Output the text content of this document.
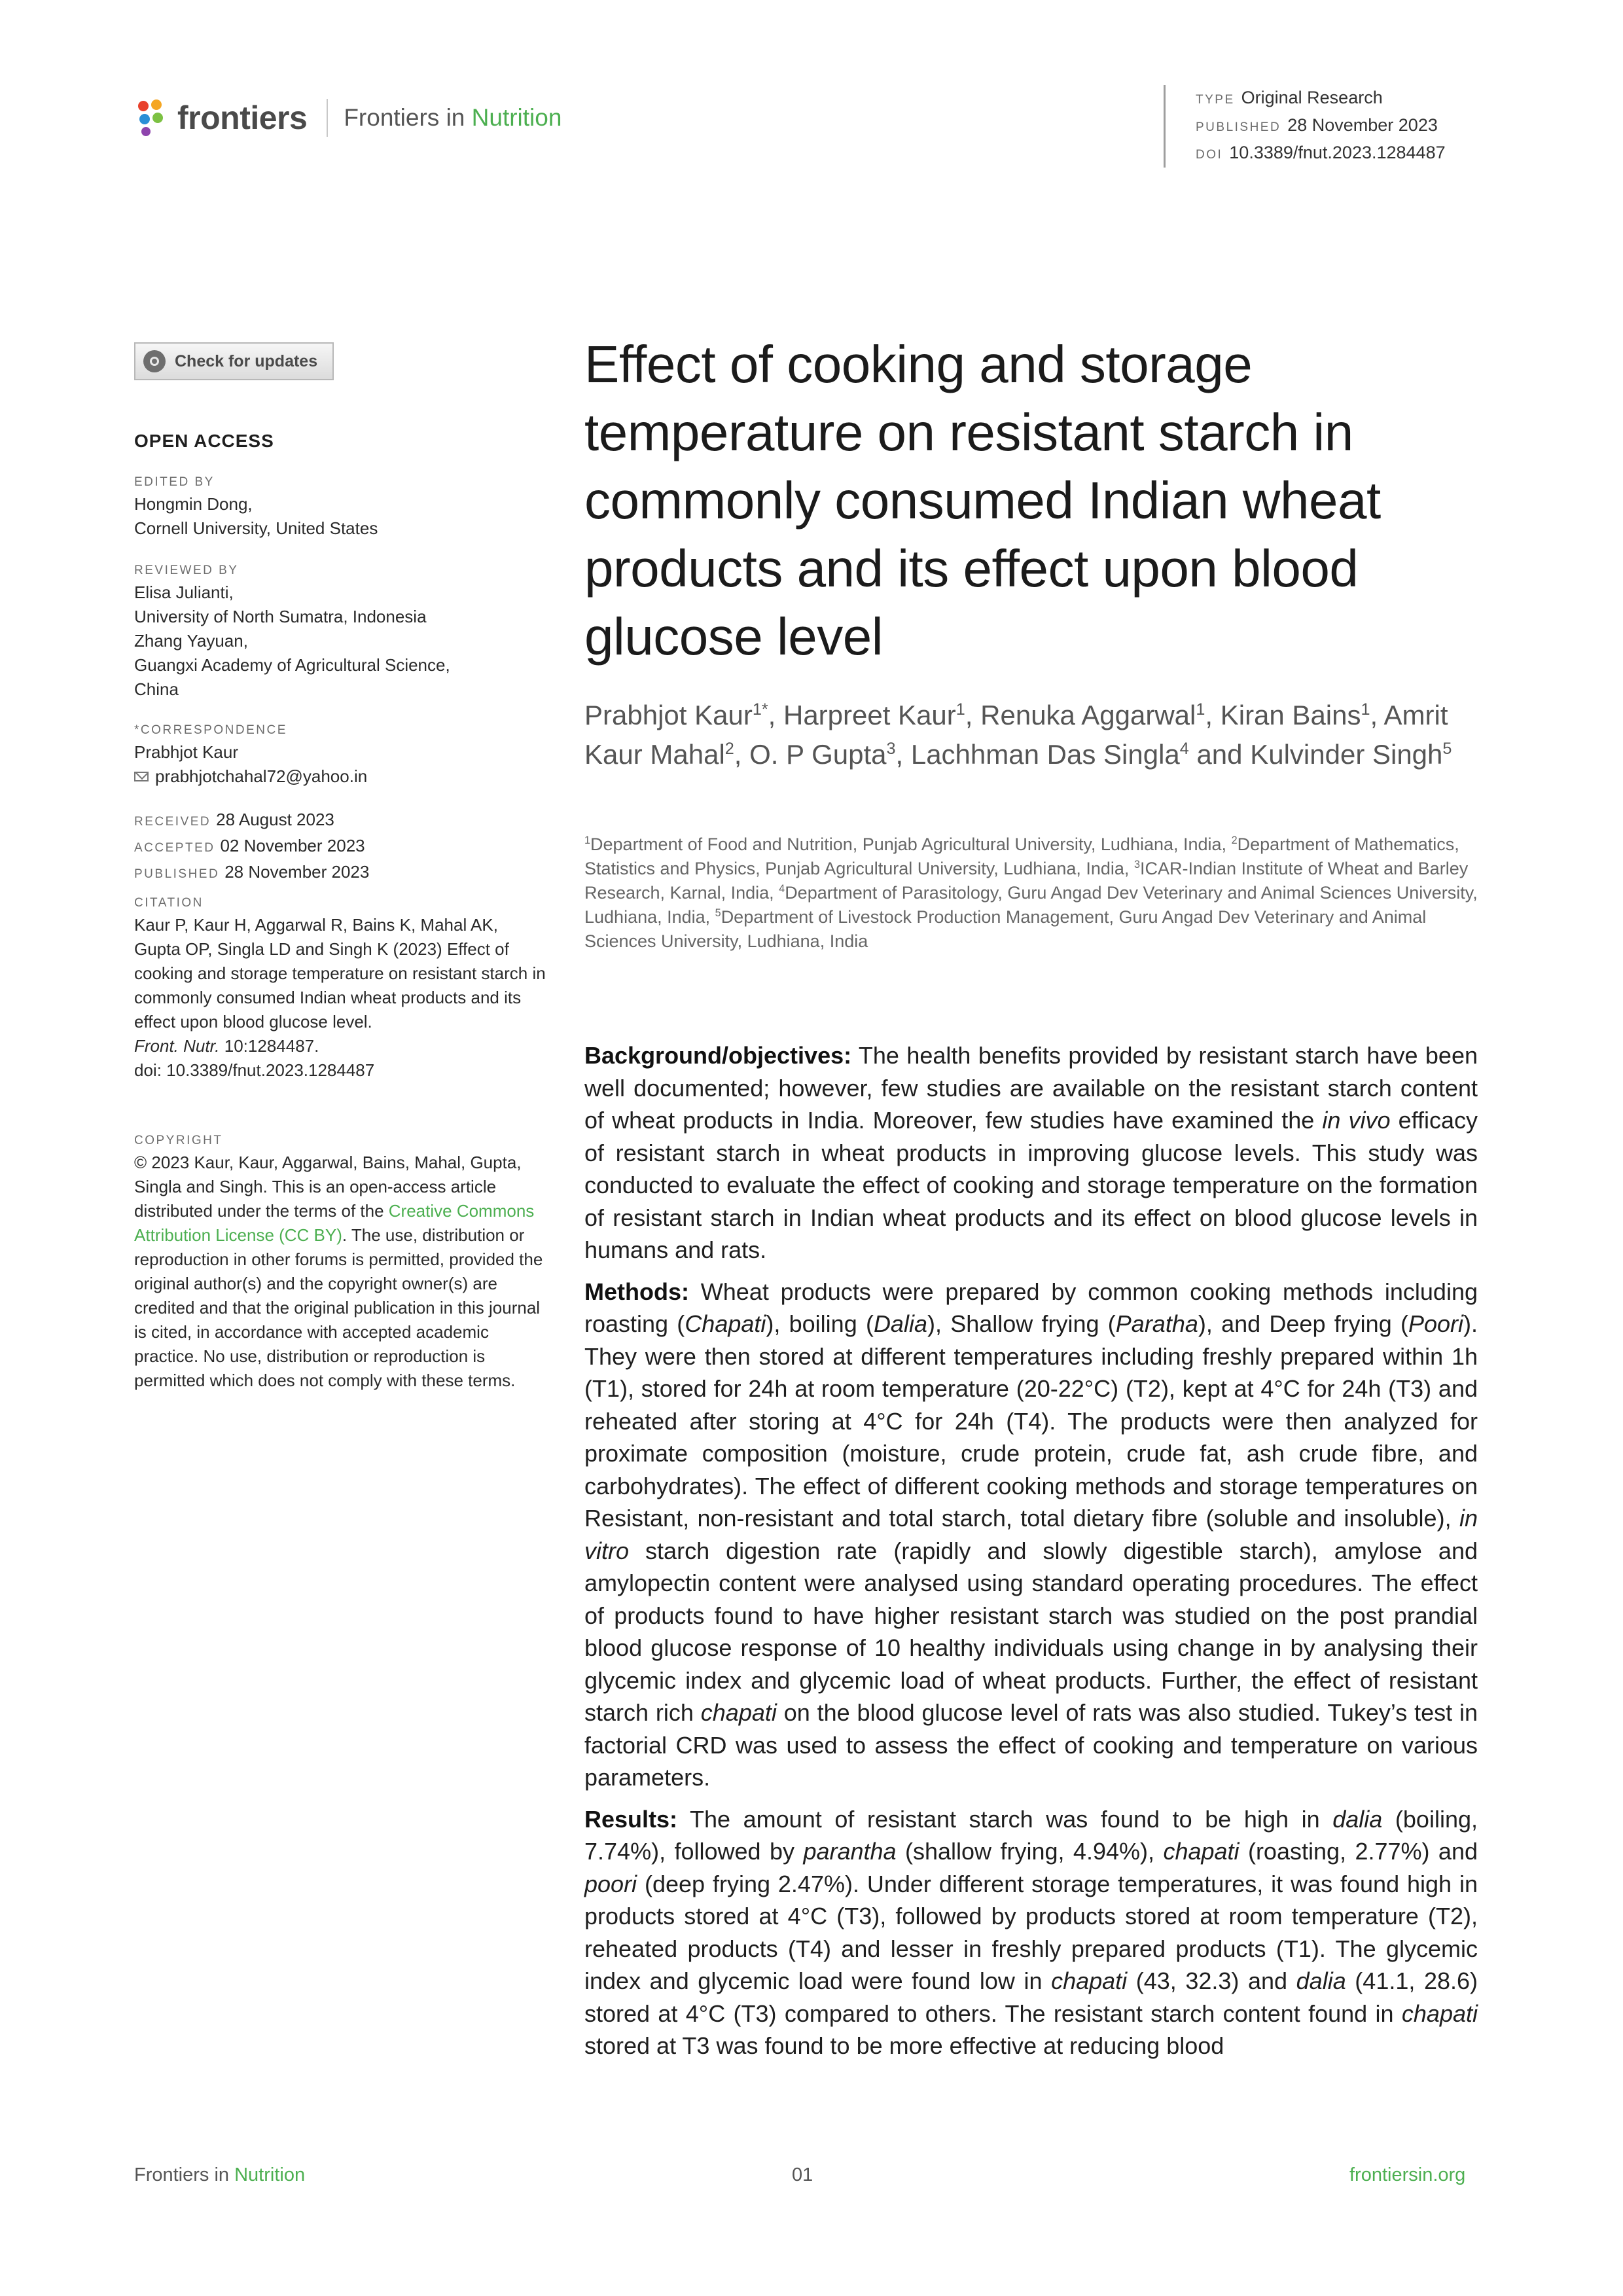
frontiers Frontiers in Nutrition
TYPE Original Research
PUBLISHED 28 November 2023
DOI 10.3389/fnut.2023.1284487
Check for updates
OPEN ACCESS
EDITED BY
Hongmin Dong,
Cornell University, United States
REVIEWED BY
Elisa Julianti,
University of North Sumatra, Indonesia
Zhang Yayuan,
Guangxi Academy of Agricultural Science,
China
*CORRESPONDENCE
Prabhjot Kaur
prabhjotchahal72@yahoo.in
RECEIVED 28 August 2023
ACCEPTED 02 November 2023
PUBLISHED 28 November 2023
CITATION
Kaur P, Kaur H, Aggarwal R, Bains K, Mahal AK, Gupta OP, Singla LD and Singh K (2023) Effect of cooking and storage temperature on resistant starch in commonly consumed Indian wheat products and its effect upon blood glucose level.
Front. Nutr. 10:1284487.
doi: 10.3389/fnut.2023.1284487
COPYRIGHT
© 2023 Kaur, Kaur, Aggarwal, Bains, Mahal, Gupta, Singla and Singh. This is an open-access article distributed under the terms of the Creative Commons Attribution License (CC BY). The use, distribution or reproduction in other forums is permitted, provided the original author(s) and the copyright owner(s) are credited and that the original publication in this journal is cited, in accordance with accepted academic practice. No use, distribution or reproduction is permitted which does not comply with these terms.
Effect of cooking and storage temperature on resistant starch in commonly consumed Indian wheat products and its effect upon blood glucose level
Prabhjot Kaur$^{1*}$, Harpreet Kaur$^1$, Renuka Aggarwal$^1$, Kiran Bains$^1$, Amrit Kaur Mahal$^2$, O. P Gupta$^3$, Lachhman Das Singla$^4$ and Kulvinder Singh$^5$
$^1$Department of Food and Nutrition, Punjab Agricultural University, Ludhiana, India, $^2$Department of Mathematics, Statistics and Physics, Punjab Agricultural University, Ludhiana, India, $^3$ICAR-Indian Institute of Wheat and Barley Research, Karnal, India, $^4$Department of Parasitology, Guru Angad Dev Veterinary and Animal Sciences University, Ludhiana, India, $^5$Department of Livestock Production Management, Guru Angad Dev Veterinary and Animal Sciences University, Ludhiana, India

Background/objectives: The health benefits provided by resistant starch have been well documented; however, few studies are available on the resistant starch content of wheat products in India. Moreover, few studies have examined the in vivo efficacy of resistant starch in wheat products in improving glucose levels. This study was conducted to evaluate the effect of cooking and storage temperature on the formation of resistant starch in Indian wheat products and its effect on blood glucose levels in humans and rats.

Methods: Wheat products were prepared by common cooking methods including roasting (Chapati), boiling (Dalia), Shallow frying (Paratha), and Deep frying (Poori). They were then stored at different temperatures including freshly prepared within 1h (T1), stored for 24h at room temperature (20-22°C) (T2), kept at 4°C for 24h (T3) and reheated after storing at 4°C for 24h (T4). The products were then analyzed for proximate composition (moisture, crude protein, crude fat, ash crude fibre, and carbohydrates). The effect of different cooking methods and storage temperatures on Resistant, non-resistant and total starch, total dietary fibre (soluble and insoluble), in vitro starch digestion rate (rapidly and slowly digestible starch), amylose and amylopectin content were analysed using standard operating procedures. The effect of products found to have higher resistant starch was studied on the post prandial blood glucose response of 10 healthy individuals using change in by analysing their glycemic index and glycemic load of wheat products. Further, the effect of resistant starch rich chapati on the blood glucose level of rats was also studied. Tukey’s test in factorial CRD was used to assess the effect of cooking and temperature on various parameters.

Results: The amount of resistant starch was found to be high in dalia (boiling, 7.74%), followed by parantha (shallow frying, 4.94%), chapati (roasting, 2.77%) and poori (deep frying 2.47%). Under different storage temperatures, it was found high in products stored at 4°C (T3), followed by products stored at room temperature (T2), reheated products (T4) and lesser in freshly prepared products (T1). The glycemic index and glycemic load were found low in chapati (43, 32.3) and dalia (41.1, 28.6) stored at 4°C (T3) compared to others. The resistant starch content found in chapati stored at T3 was found to be more effective at reducing blood

Frontiers in Nutrition	01	frontiersin.org
